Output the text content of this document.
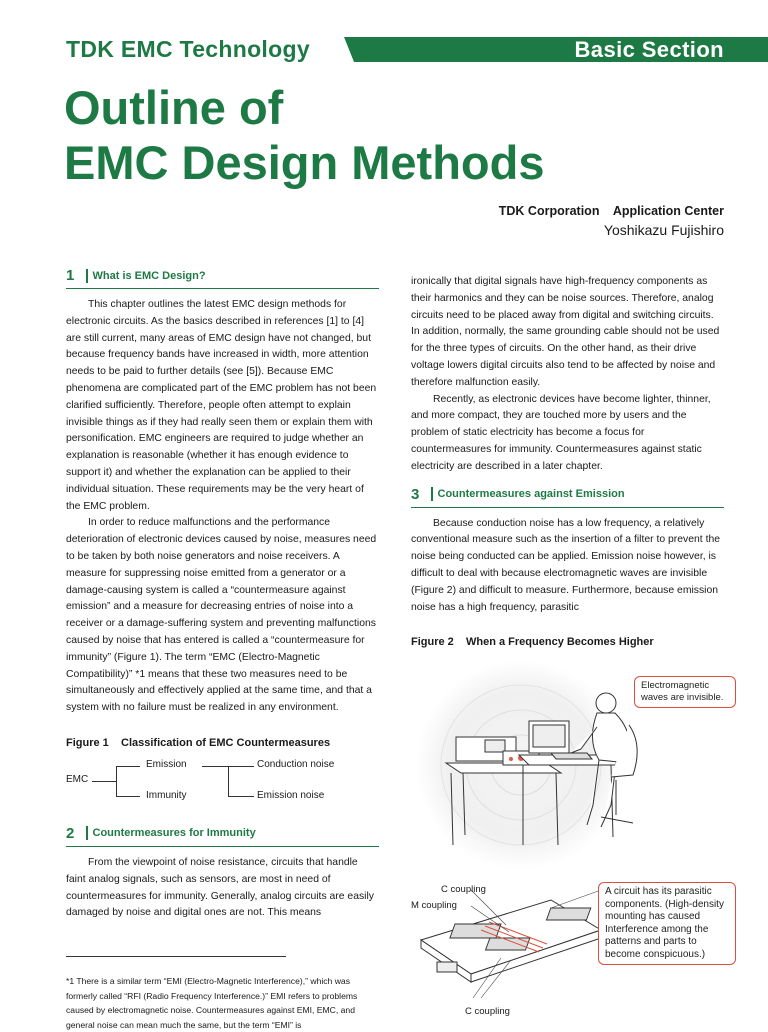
TDK EMC Technology	Basic Section
Outline of
EMC Design Methods
TDK Corporation    Application Center
Yoshikazu Fujishiro
1	What is EMC Design?

This chapter outlines the latest EMC design methods for electronic circuits. As the basics described in references [1] to [4] are still current, many areas of EMC design have not changed, but because frequency bands have increased in width, more attention needs to be paid to further details (see [5]). Because EMC phenomena are complicated part of the EMC problem has not been clarified sufficiently. Therefore, people often attempt to explain invisible things as if they had really seen them or explain them with personification. EMC engineers are required to judge whether an explanation is reasonable (whether it has enough evidence to support it) and whether the explanation can be applied to their individual situation. These requirements may be the very heart of the EMC problem.

In order to reduce malfunctions and the performance deterioration of electronic devices caused by noise, measures need to be taken by both noise generators and noise receivers. A measure for suppressing noise emitted from a generator or a damage-causing system is called a “countermeasure against emission” and a measure for decreasing entries of noise into a receiver or a damage-suffering system and preventing malfunctions caused by noise that has entered is called a “countermeasure for immunity” (Figure 1). The term “EMC (Electro-Magnetic Compatibility)” *1 means that these two measures need to be simultaneously and effectively applied at the same time, and that a system with no failure must be realized in any environment.

Figure 1    Classification of EMC Countermeasures

EMC
Emission
Immunity
Conduction noise
Emission noise
2	Countermeasures for Immunity

From the viewpoint of noise resistance, circuits that handle faint analog signals, such as sensors, are most in need of countermeasures for immunity. Generally, analog circuits are easily damaged by noise and digital ones are not. This means

*1 There is a similar term “EMI (Electro-Magnetic Interference),” which was formerly called “RFI (Radio Frequency Interference.)” EMI refers to problems caused by electromagnetic noise. Countermeasures against EMI, EMC, and general noise can mean much the same, but the term “EMI” is

ironically that digital signals have high-frequency components as their harmonics and they can be noise sources. Therefore, analog circuits need to be placed away from digital and switching circuits. In addition, normally, the same grounding cable should not be used for the three types of circuits. On the other hand, as their drive voltage lowers digital circuits also tend to be affected by noise and therefore malfunction easily.

Recently, as electronic devices have become lighter, thinner, and more compact, they are touched more by users and the problem of static electricity has become a focus for countermeasures for immunity. Countermeasures against static electricity are described in a later chapter.

3	Countermeasures against Emission

Because conduction noise has a low frequency, a relatively conventional measure such as the insertion of a filter to prevent the noise being conducted can be applied. Emission noise however, is difficult to deal with because electromagnetic waves are invisible (Figure 2) and difficult to measure. Furthermore, because emission noise has a high frequency, parasitic

Figure 2    When a Frequency Becomes Higher

Electromagnetic waves are invisible.
C coupling
M coupling
C coupling
A circuit has its parasitic components. (High-density mounting has caused Interference among the patterns and parts to become conspicuous.)
